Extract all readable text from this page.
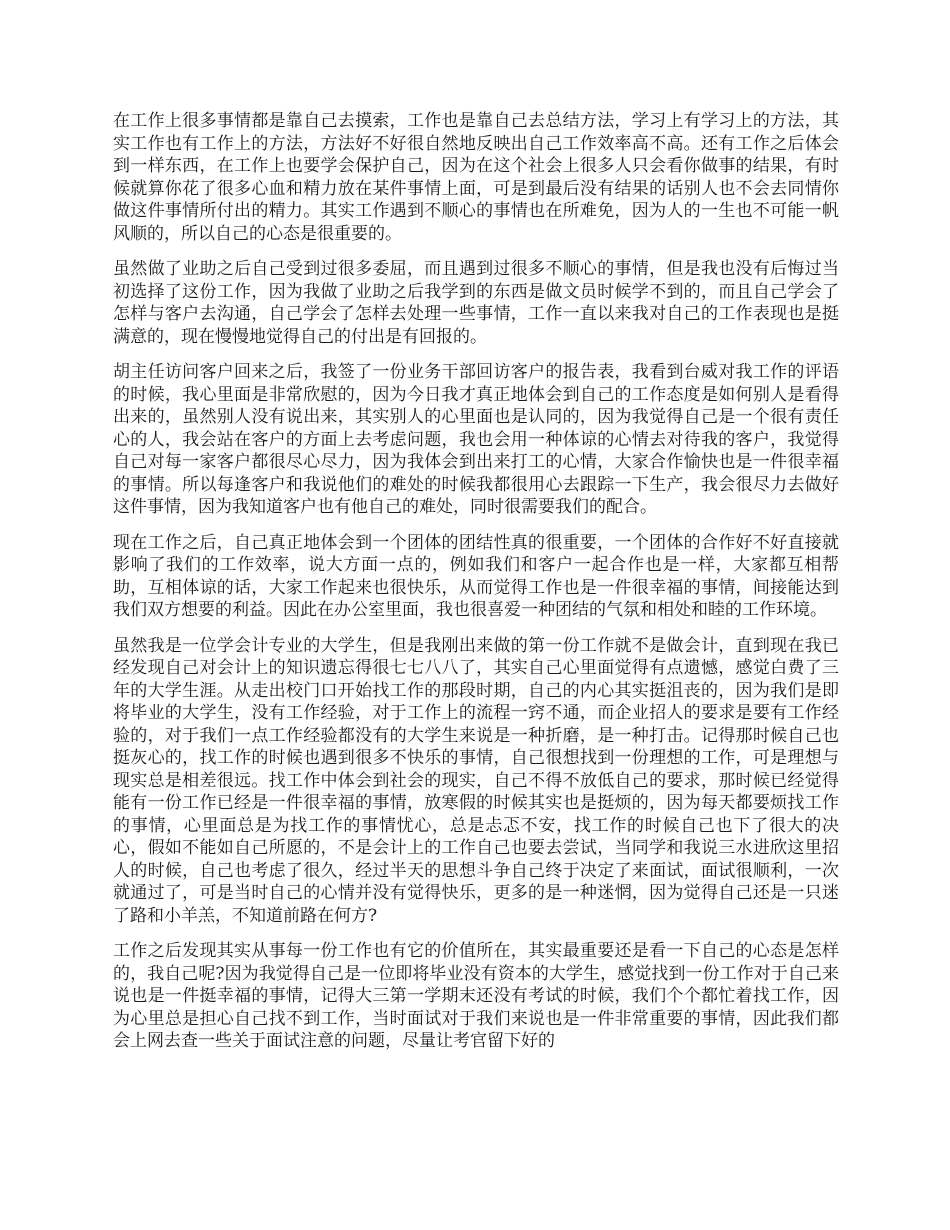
在工作上很多事情都是靠自己去摸索，工作也是靠自己去总结方法，学习上有学习上的方法，其实工作也有工作上的方法，方法好不好很自然地反映出自己工作效率高不高。还有工作之后体会到一样东西，在工作上也要学会保护自己，因为在这个社会上很多人只会看你做事的结果，有时候就算你花了很多心血和精力放在某件事情上面，可是到最后没有结果的话别人也不会去同情你做这件事情所付出的精力。其实工作遇到不顺心的事情也在所难免，因为人的一生也不可能一帆风顺的，所以自己的心态是很重要的。

虽然做了业助之后自己受到过很多委屈，而且遇到过很多不顺心的事情，但是我也没有后悔过当初选择了这份工作，因为我做了业助之后我学到的东西是做文员时候学不到的，而且自己学会了怎样与客户去沟通，自己学会了怎样去处理一些事情，工作一直以来我对自己的工作表现也是挺满意的，现在慢慢地觉得自己的付出是有回报的。

胡主任访问客户回来之后，我签了一份业务干部回访客户的报告表，我看到台威对我工作的评语的时候，我心里面是非常欣慰的，因为今日我才真正地体会到自己的工作态度是如何别人是看得出来的，虽然别人没有说出来，其实别人的心里面也是认同的，因为我觉得自己是一个很有责任心的人，我会站在客户的方面上去考虑问题，我也会用一种体谅的心情去对待我的客户，我觉得自己对每一家客户都很尽心尽力，因为我体会到出来打工的心情，大家合作愉快也是一件很幸福的事情。所以每逢客户和我说他们的难处的时候我都很用心去跟踪一下生产，我会很尽力去做好这件事情，因为我知道客户也有他自己的难处，同时很需要我们的配合。

现在工作之后，自己真正地体会到一个团体的团结性真的很重要，一个团体的合作好不好直接就影响了我们的工作效率，说大方面一点的，例如我们和客户一起合作也是一样，大家都互相帮助，互相体谅的话，大家工作起来也很快乐，从而觉得工作也是一件很幸福的事情，间接能达到我们双方想要的利益。因此在办公室里面，我也很喜爱一种团结的气氛和相处和睦的工作环境。

虽然我是一位学会计专业的大学生，但是我刚出来做的第一份工作就不是做会计，直到现在我已经发现自己对会计上的知识遗忘得很七七八八了，其实自己心里面觉得有点遗憾，感觉白费了三年的大学生涯。从走出校门口开始找工作的那段时期，自己的内心其实挺沮丧的，因为我们是即将毕业的大学生，没有工作经验，对于工作上的流程一窍不通，而企业招人的要求是要有工作经验的，对于我们一点工作经验都没有的大学生来说是一种折磨，是一种打击。记得那时候自己也挺灰心的，找工作的时候也遇到很多不快乐的事情，自己很想找到一份理想的工作，可是理想与现实总是相差很远。找工作中体会到社会的现实，自己不得不放低自己的要求，那时候已经觉得能有一份工作已经是一件很幸福的事情，放寒假的时候其实也是挺烦的，因为每天都要烦找工作的事情，心里面总是为找工作的事情忧心，总是忐忑不安，找工作的时候自己也下了很大的决心，假如不能如自己所愿的，不是会计上的工作自己也要去尝试，当同学和我说三水进欣这里招人的时候，自己也考虑了很久，经过半天的思想斗争自己终于决定了来面试，面试很顺利，一次就通过了，可是当时自己的心情并没有觉得快乐，更多的是一种迷惘，因为觉得自己还是一只迷了路和小羊羔，不知道前路在何方?

工作之后发现其实从事每一份工作也有它的价值所在，其实最重要还是看一下自己的心态是怎样的，我自己呢?因为我觉得自己是一位即将毕业没有资本的大学生，感觉找到一份工作对于自己来说也是一件挺幸福的事情，记得大三第一学期末还没有考试的时候，我们个个都忙着找工作，因为心里总是担心自己找不到工作，当时面试对于我们来说也是一件非常重要的事情，因此我们都会上网去查一些关于面试注意的问题，尽量让考官留下好的
